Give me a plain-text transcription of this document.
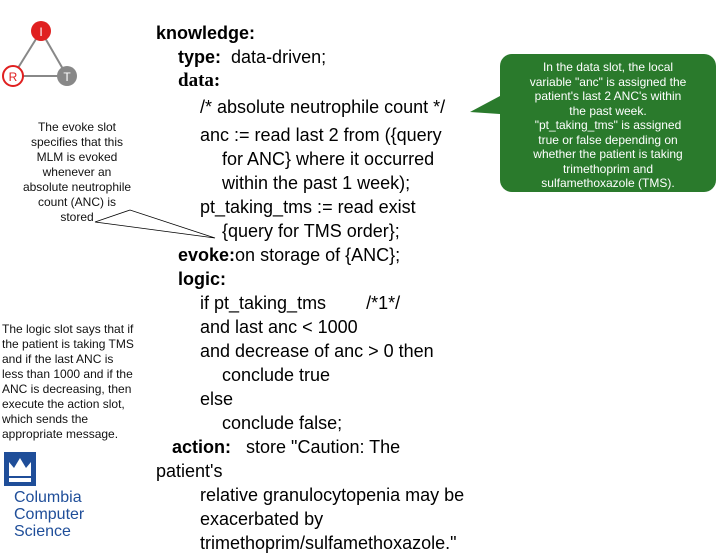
I
R	T
The evoke slot
specifies that this
MLM is evoked
whenever an
absolute neutrophile
count (ANC) is
stored
The logic slot says that if
the patient is taking TMS
and if the last ANC is
less than 1000 and if the
ANC is decreasing, then
execute the action slot,
which sends the
appropriate message.
In the data slot, the local
variable "anc" is assigned the
patient's last 2 ANC's within
the past week.
"pt_taking_tms" is assigned
true or false depending on
whether the patient is taking
trimethoprim and
sulfamethoxazole (TMS).
knowledge:
type: data-driven;
data:
/* absolute neutrophile count */
anc := read last 2 from ({query
for ANC} where it occurred
within the past 1 week);
pt_taking_tms := read exist
{query for TMS order};
evoke:on storage of {ANC};
logic:
if pt_taking_tms        /*1*/
and last anc < 1000
and decrease of anc > 0 then
conclude true
else
conclude false;
action: store "Caution: The
patient's
relative granulocytopenia may be
exacerbated by
trimethoprim/sulfamethoxazole."
Columbia
Computer
Science
